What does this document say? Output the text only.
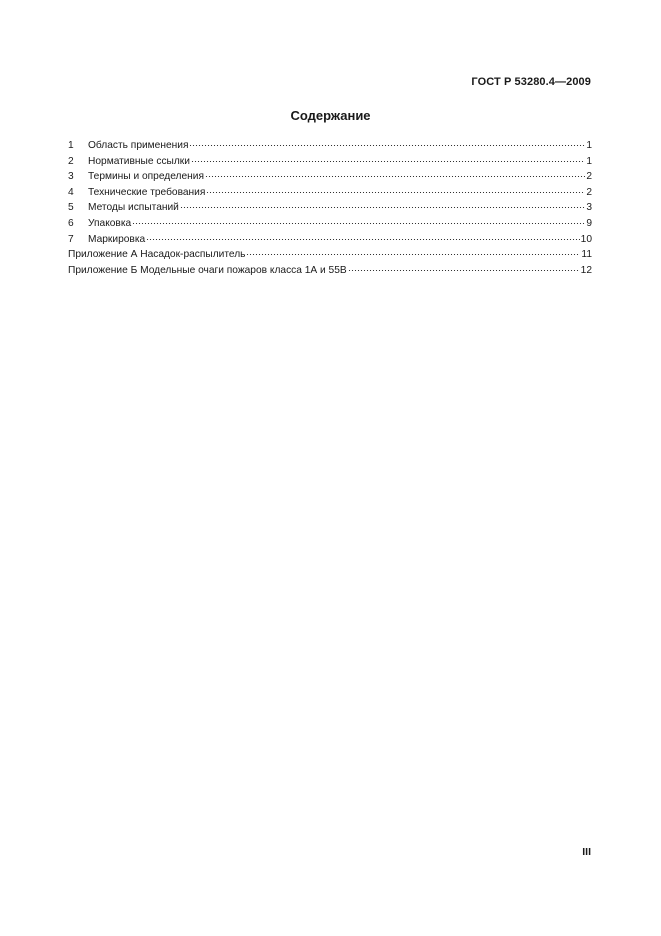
ГОСТ Р 53280.4—2009
Содержание
1	Область применения	1
2	Нормативные ссылки	1
3	Термины и определения	2
4	Технические требования	2
5	Методы испытаний	3
6	Упаковка	9
7	Маркировка	10
Приложение А Насадок-распылитель	11
Приложение Б Модельные очаги пожаров класса 1А и 55В	12
III
